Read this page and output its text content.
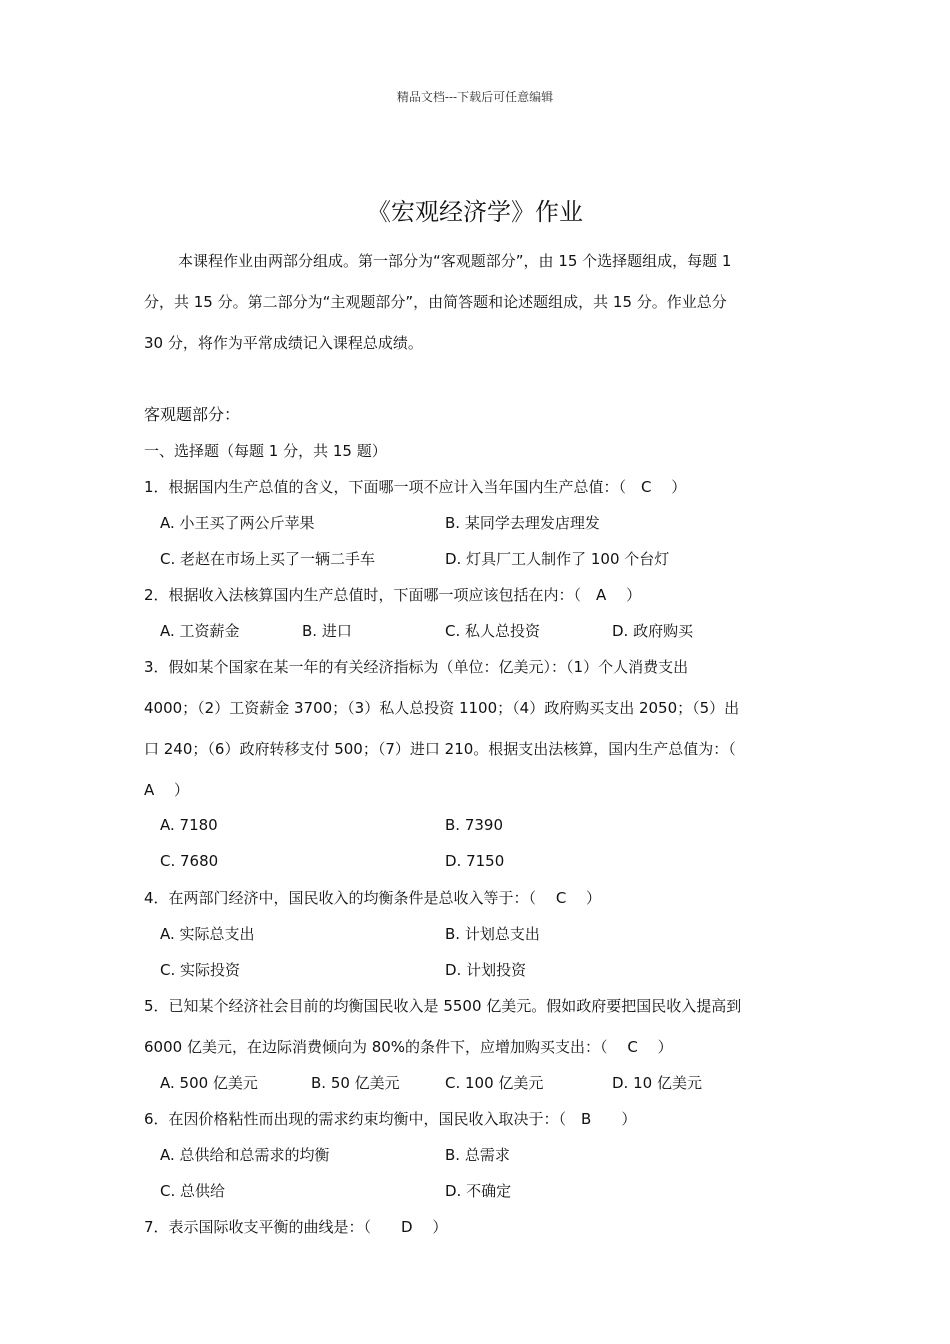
精品文档---下载后可任意编辑
《宏观经济学》作业
本课程作业由两部分组成。第一部分为“客观题部分”，由 15 个选择题组成，每题 1
分，共 15 分。第二部分为“主观题部分”，由简答题和论述题组成，共 15 分。作业总分
30 分，将作为平常成绩记入课程总成绩。
客观题部分：
一、选择题（每题 1 分，共 15 题）
1．根据国内生产总值的含义，下面哪一项不应计入当年国内生产总值：（　C　 ）
A. 小王买了两公斤苹果	B. 某同学去理发店理发
C. 老赵在市场上买了一辆二手车	D. 灯具厂工人制作了 100 个台灯
2．根据收入法核算国内生产总值时，下面哪一项应该包括在内：（　A　 ）
A. 工资薪金	B. 进口	C. 私人总投资	D. 政府购买
3．假如某个国家在某一年的有关经济指标为（单位：亿美元）：（1）个人消费支出
4000；（2）工资薪金 3700；（3）私人总投资 1100；（4）政府购买支出 2050；（5）出
口 240；（6）政府转移支付 500；（7）进口 210。根据支出法核算，国内生产总值为：（
A　 ）
A. 7180	B. 7390
C. 7680	D. 7150
4．在两部门经济中，国民收入的均衡条件是总收入等于：（　 C　 ）
A. 实际总支出	B. 计划总支出
C. 实际投资	D. 计划投资
5．已知某个经济社会目前的均衡国民收入是 5500 亿美元。假如政府要把国民收入提高到
6000 亿美元，在边际消费倾向为 80%的条件下，应增加购买支出：（　 C　 ）
A. 500 亿美元	B. 50 亿美元	C. 100 亿美元	D. 10 亿美元
6．在因价格粘性而出现的需求约束均衡中，国民收入取决于：（　B　　）
A. 总供给和总需求的均衡	B. 总需求
C. 总供给	D. 不确定
7．表示国际收支平衡的曲线是：（　　D　 ）
